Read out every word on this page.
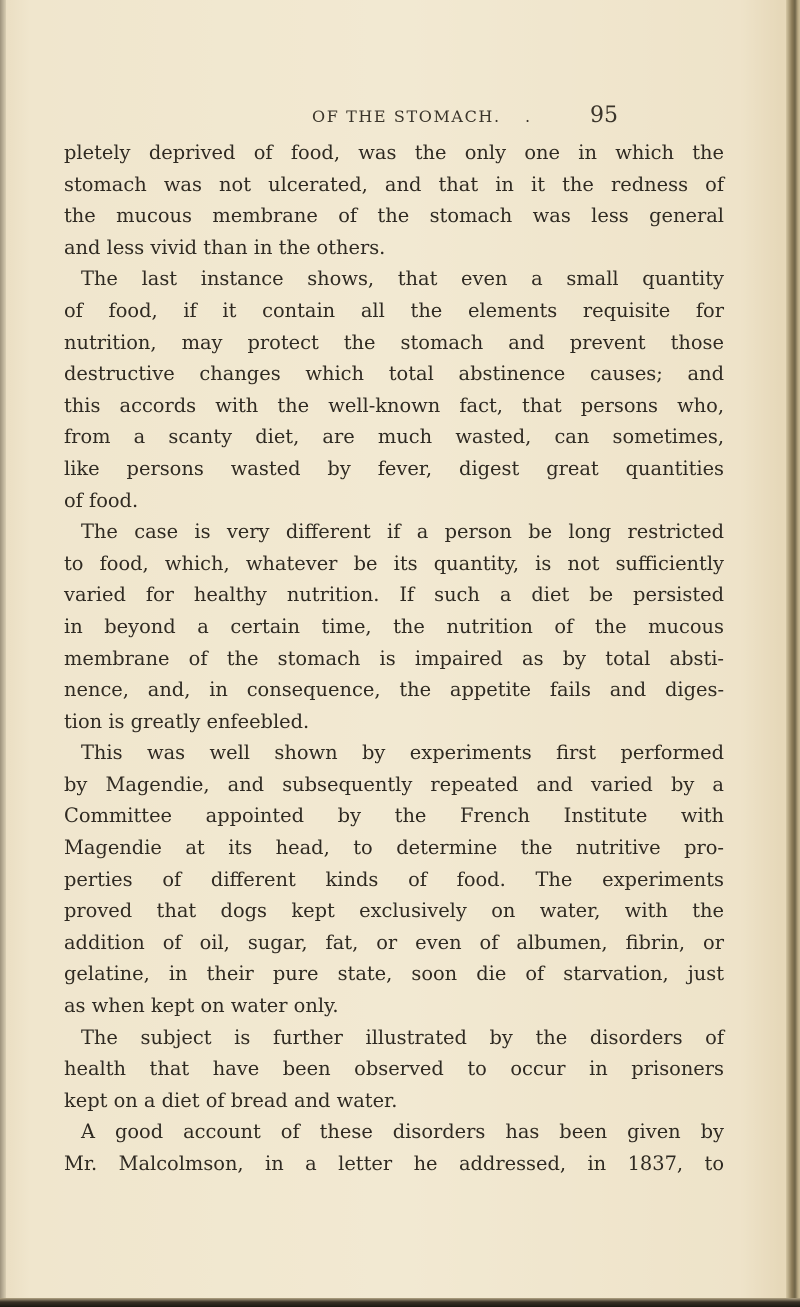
OF THE STOMACH. .	95
pletely deprived of food, was the only one in which the
stomach was not ulcerated, and that in it the redness of
the mucous membrane of the stomach was less general
and less vivid than in the others.
The last instance shows, that even a small quantity
of food, if it contain all the elements requisite for
nutrition, may protect the stomach and prevent those
destructive changes which total abstinence causes; and
this accords with the well-known fact, that persons who,
from a scanty diet, are much wasted, can sometimes,
like persons wasted by fever, digest great quantities
of food.
The case is very different if a person be long restricted
to food, which, whatever be its quantity, is not sufficiently
varied for healthy nutrition. If such a diet be persisted
in beyond a certain time, the nutrition of the mucous
membrane of the stomach is impaired as by total absti-
nence, and, in consequence, the appetite fails and diges-
tion is greatly enfeebled.
This was well shown by experiments first performed
by Magendie, and subsequently repeated and varied by a
Committee appointed by the French Institute with
Magendie at its head, to determine the nutritive pro-
perties of different kinds of food. The experiments
proved that dogs kept exclusively on water, with the
addition of oil, sugar, fat, or even of albumen, fibrin, or
gelatine, in their pure state, soon die of starvation, just
as when kept on water only.
The subject is further illustrated by the disorders of
health that have been observed to occur in prisoners
kept on a diet of bread and water.
A good account of these disorders has been given by
Mr. Malcolmson, in a letter he addressed, in 1837, to
